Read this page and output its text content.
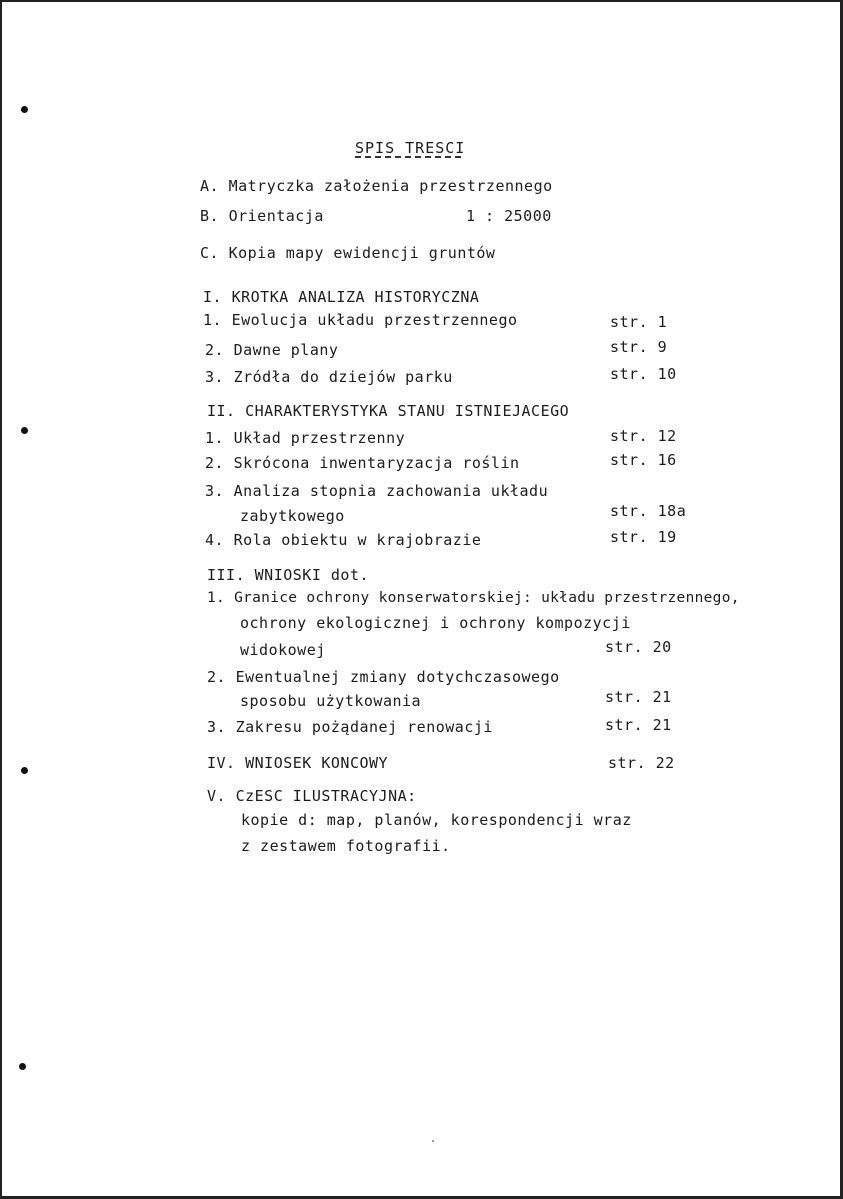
SPIS TRESCI
A. Matryczka założenia przestrzennego
B. Orientacja	1 : 25000
C. Kopia mapy ewidencji gruntów
I. KROTKA ANALIZA HISTORYCZNA
1. Ewolucja układu przestrzennego	str. 1
2. Dawne plany	str. 9
3. Zródła do dziejów parku	str. 10
II. CHARAKTERYSTYKA STANU ISTNIEJACEGO
1. Układ przestrzenny	str. 12
2. Skrócona inwentaryzacja roślin	str. 16
3. Analiza stopnia zachowania układu
zabytkowego	str. 18a
4. Rola obiektu w krajobrazie	str. 19
III. WNIOSKI dot.
1. Granice ochrony konserwatorskiej: układu przestrzennego,
ochrony ekologicznej i ochrony kompozycji
widokowej	str. 20
2. Ewentualnej zmiany dotychczasowego
sposobu użytkowania	str. 21
3. Zakresu pożądanej renowacji	str. 21
IV. WNIOSEK KONCOWY	str. 22
V. CzESC ILUSTRACYJNA:
kopie d: map, planów, korespondencji wraz
z zestawem fotografii.
